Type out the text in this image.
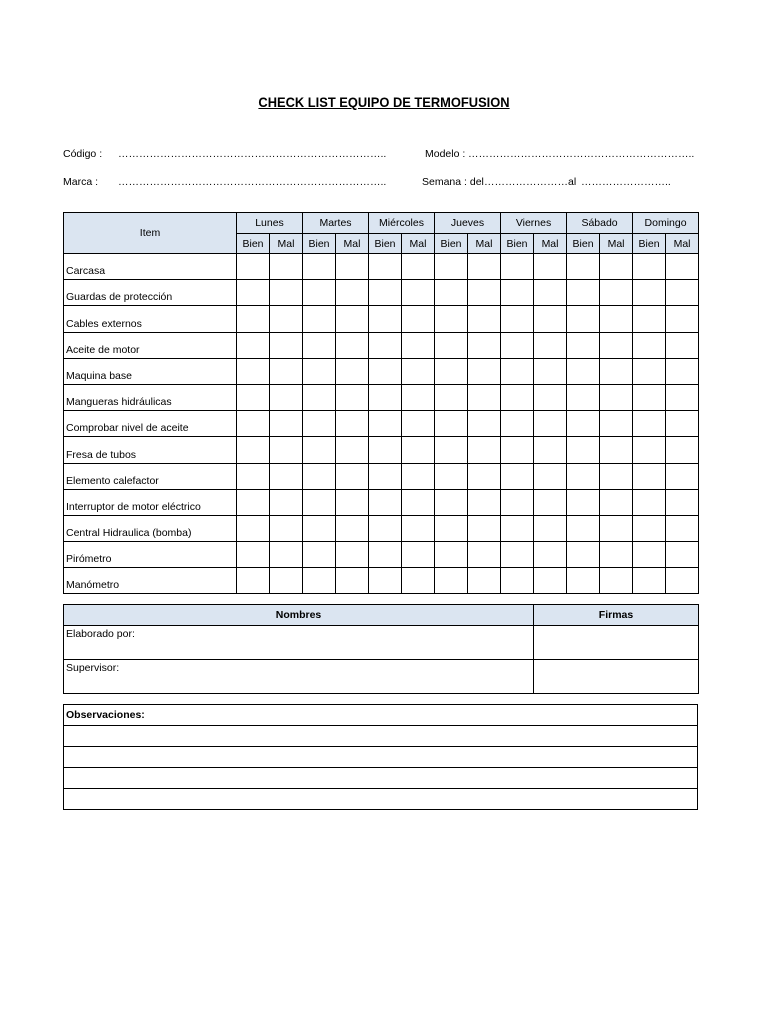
CHECK LIST EQUIPO DE TERMOFUSION
Código : …………………………………………………………………..	Modelo : ………………………………………………………..
Marca : …………………………………………………………………..	Semana : del …………………… al ……………………..
Item	Lunes		Martes		Miércoles		Jueves		Viernes		Sábado		Domingo	
	Bien	Mal	Bien	Mal	Bien	Mal	Bien	Mal	Bien	Mal	Bien	Mal	Bien	Mal
Carcasa														
Guardas de protección														
Cables externos														
Aceite de motor														
Maquina base														
Mangueras hidráulicas														
Comprobar nivel de aceite														
Fresa de tubos														
Elemento calefactor														
Interruptor de motor eléctrico														
Central Hidraulica (bomba)														
Pirómetro														
Manómetro														
Nombres	Firmas
Elaborado por:	
Supervisor:	
Observaciones:
